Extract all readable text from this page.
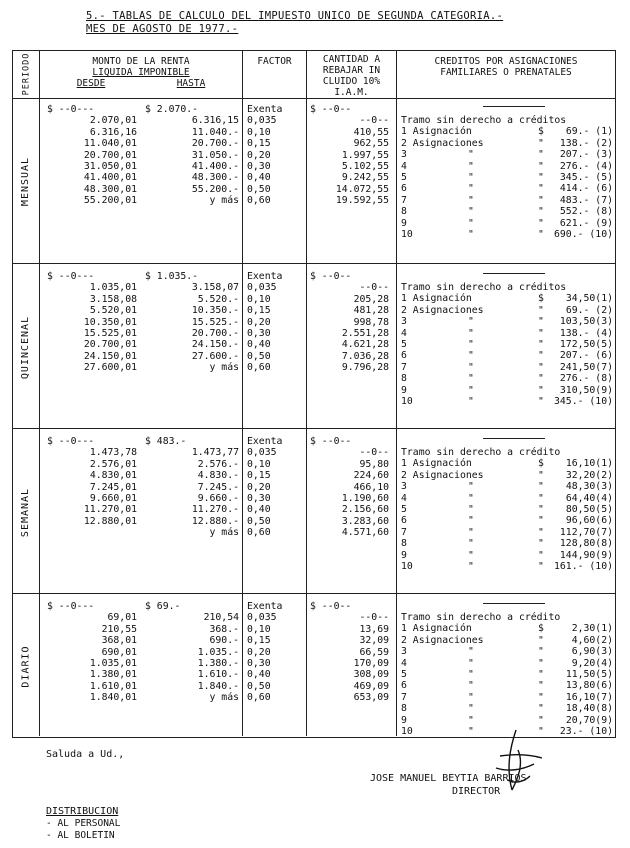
5.- TABLAS DE CALCULO DEL IMPUESTO UNICO DE SEGUNDA CATEGORIA.-
MES DE AGOSTO DE 1977.-
PERIODO	MONTO DE LA RENTA
LIQUIDA IMPONIBLE
DESDE	HASTA
FACTOR	CANTIDAD A
REBAJAR IN
CLUIDO 10%
I.A.M.
CREDITOS POR ASIGNACIONES
FAMILIARES O PRENATALES
MENSUAL
$ --0---	$ 2.070.-	Exenta	$ --0--
2.070,01	6.316,15 0,035	--0--
6.316,16	11.040.- 0,10	410,55
11.040,01	20.700.- 0,15	962,55
20.700,01	31.050.- 0,20	1.997,55
31.050,01	41.400.- 0,30	5.102,55
41.400,01	48.300.- 0,40	9.242,55
48.300,01	55.200.- 0,50	14.072,55
55.200,01	y más 0,60	19.592,55
Tramo sin derecho a créditos
1 Asignación	$	69.- (1)
2 Asignaciones	"	138.- (2)
3	"
"	207.- (3)
4	"
"	276.- (4)
5	"
"	345.- (5)
6	"
"	414.- (6)
7	"
"	483.- (7)
8	"
"	552.- (8)
9	"
"	621.- (9)
10	"
"	690.- (10)
QUINCENAL
$ --0---	$ 1.035.-	Exenta	$ --0--
1.035,01	3.158,07 0,035	--0--
3.158,08	5.520.- 0,10	205,28
5.520,01	10.350.- 0,15	481,28
10.350,01	15.525.- 0,20	998,78
15.525,01	20.700.- 0,30	2.551,28
20.700,01	24.150.- 0,40	4.621,28
24.150,01	27.600.- 0,50	7.036,28
27.600,01	y más 0,60	9.796,28
Tramo sin derecho a créditos
1 Asignación	$	34,50(1)
2 Asignaciones	"	69.- (2)
3	"
"	103,50(3)
4	"
"	138.- (4)
5	"
"	172,50(5)
6	"
"	207.- (6)
7	"
"	241,50(7)
8	"
"	276.- (8)
9	"
"	310,50(9)
10	"
"	345.- (10)
SEMANAL
$ --0---	$ 483.-	Exenta	$ --0--
1.473,78	1.473,77 0,035	--0--
2.576,01	2.576.- 0,10	95,80
4.830,01	4.830.- 0,15	224,60
7.245,01	7.245.- 0,20	466,10
9.660,01	9.660.- 0,30	1.190,60
11.270,01	11.270.- 0,40	2.156,60
12.880,01	12.880.- 0,50	3.283,60
y más 0,60	4.571,60
Tramo sin derecho a crédito
1 Asignación	$	16,10(1)
2 Asignaciones	"	32,20(2)
3	"
"	48,30(3)
4	"
"	64,40(4)
5	"
"	80,50(5)
6	"
"	96,60(6)
7	"
"	112,70(7)
8	"
"	128,80(8)
9	"
"	144,90(9)
10	"
"	161.- (10)
DIARIO
$ --0---	$ 69.-	Exenta	$ --0--
69,01	210,54 0,035	--0--
210,55	368.- 0,10	13,69
368,01	690.- 0,15	32,09
690,01	1.035.- 0,20	66,59
1.035,01	1.380.- 0,30	170,09
1.380,01	1.610.- 0,40	308,09
1.610,01	1.840.- 0,50	469,09
1.840,01	y más 0,60	653,09
Tramo sin derecho a crédito
1 Asignación	$	2,30(1)
2 Asignaciones	"	4,60(2)
3	"
"	6,90(3)
4	"
"	9,20(4)
5	"
"	11,50(5)
6	"
"	13,80(6)
7	"
"	16,10(7)
8	"
"	18,40(8)
9	"
"	20,70(9)
10	"
"	23.- (10)
Saluda a Ud.,
JOSE MANUEL BEYTIA BARRIOS
DIRECTOR
DISTRIBUCION
- AL PERSONAL
- AL BOLETIN
